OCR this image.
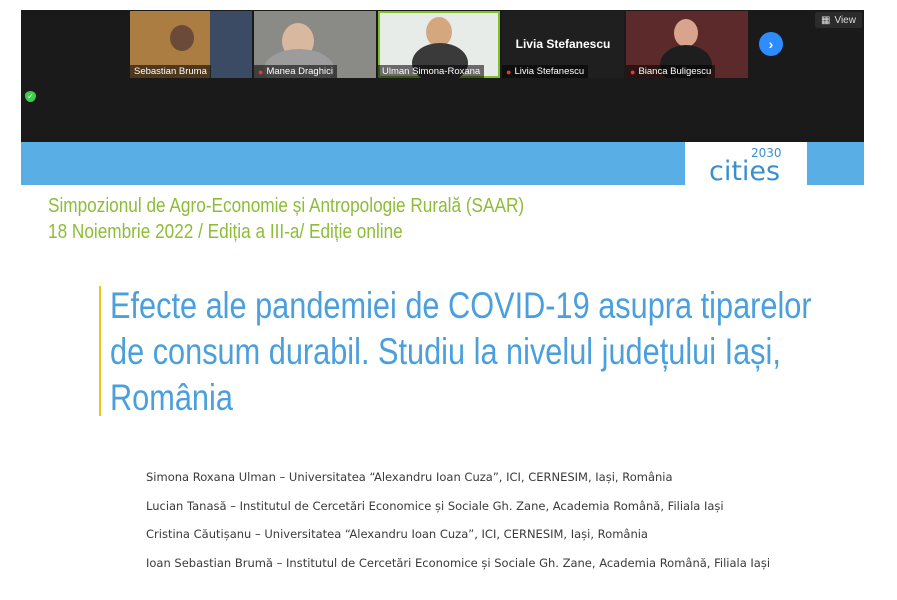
Sebastian Bruma	● Manea Draghici	Ulman Simona-Roxana
Livia Stefanescu
● Livia Stefanescu	● Bianca Buligescu
›
▦ View
✓
cities
2030
Simpozionul de Agro-Economie și Antropologie Rurală (SAAR)
18 Noiembrie 2022 / Ediția a III-a/ Ediție online
Efecte ale pandemiei de COVID-19 asupra tiparelor
de consum durabil. Studiu la nivelul județului Iași,
România
Simona Roxana Ulman – Universitatea “Alexandru Ioan Cuza”, ICI, CERNESIM, Iași, România
Lucian Tanasă – Institutul de Cercetări Economice și Sociale Gh. Zane, Academia Română, Filiala Iași
Cristina Căutișanu – Universitatea “Alexandru Ioan Cuza”, ICI, CERNESIM, Iași, România
Ioan Sebastian Brumă – Institutul de Cercetări Economice și Sociale Gh. Zane, Academia Română, Filiala Iași
